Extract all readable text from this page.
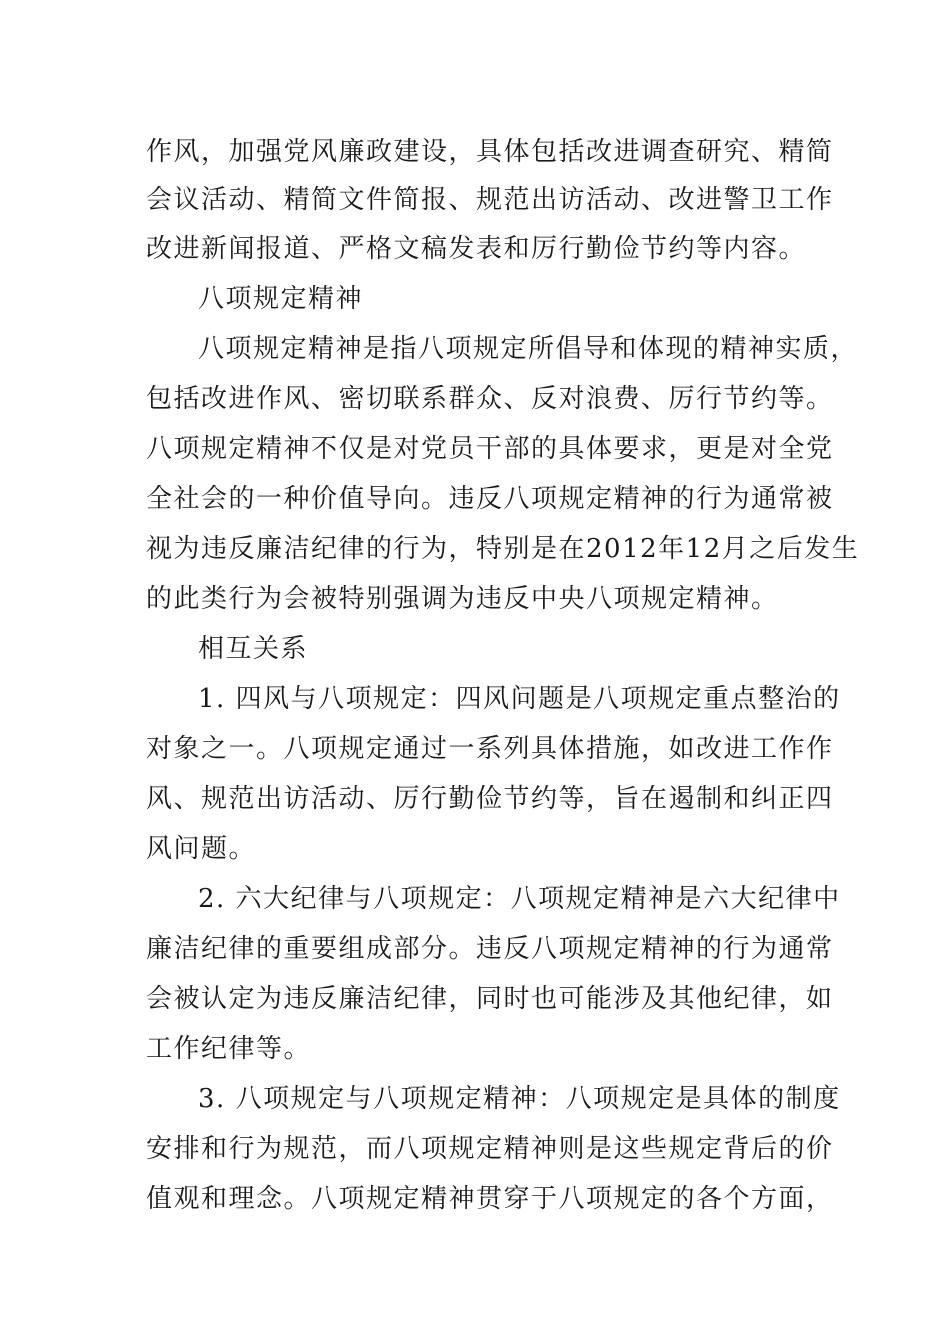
作风，加强党风廉政建设，具体包括改进调查研究、精简
会议活动、精简文件简报、规范出访活动、改进警卫工作
改进新闻报道、严格文稿发表和厉行勤俭节约等内容。
八项规定精神
八项规定精神是指八项规定所倡导和体现的精神实质，
包括改进作风、密切联系群众、反对浪费、厉行节约等。
八项规定精神不仅是对党员干部的具体要求，更是对全党
全社会的一种价值导向。违反八项规定精神的行为通常被
视为违反廉洁纪律的行为，特别是在2012年12月之后发生
的此类行为会被特别强调为违反中央八项规定精神。
相互关系
1. 四风与八项规定：四风问题是八项规定重点整治的
对象之一。八项规定通过一系列具体措施，如改进工作作
风、规范出访活动、厉行勤俭节约等，旨在遏制和纠正四
风问题。
2. 六大纪律与八项规定：八项规定精神是六大纪律中
廉洁纪律的重要组成部分。违反八项规定精神的行为通常
会被认定为违反廉洁纪律，同时也可能涉及其他纪律，如
工作纪律等。
3. 八项规定与八项规定精神：八项规定是具体的制度
安排和行为规范，而八项规定精神则是这些规定背后的价
值观和理念。八项规定精神贯穿于八项规定的各个方面，
